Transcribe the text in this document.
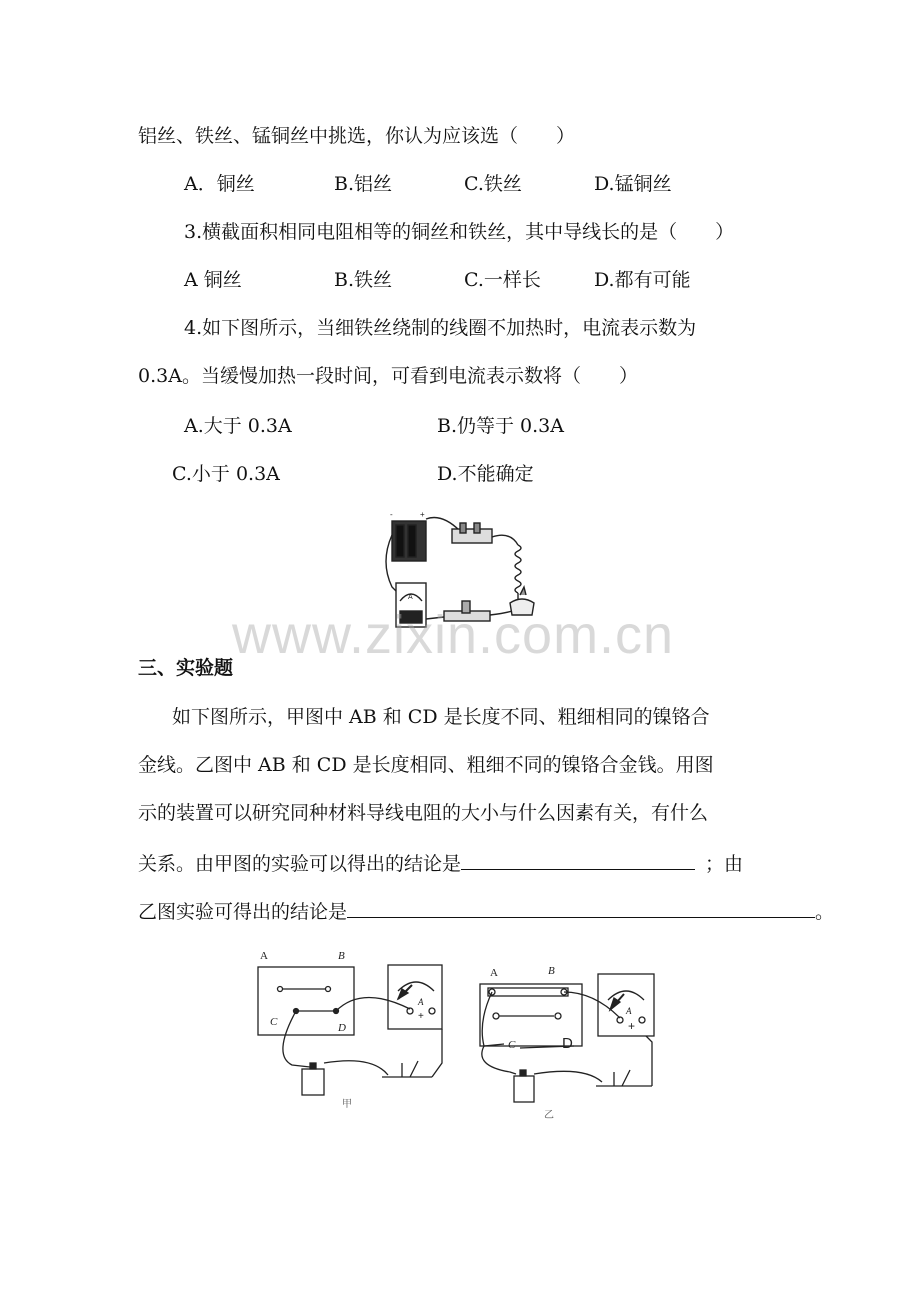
铝丝、铁丝、锰铜丝中挑选，你认为应该选（　　）
A．铜丝	B.铝丝	C.铁丝	D.锰铜丝
3.横截面积相同电阻相等的铜丝和铁丝，其中导线长的是（　　）
A 铜丝	B.铁丝	C.一样长	D.都有可能
4.如下图所示，当细铁丝绕制的线圈不加热时，电流表示数为
0.3A。当缓慢加热一段时间，可看到电流表示数将（　　）
A.大于 0.3A	B.仍等于 0.3A
C.小于 0.3A	D.不能确定
-	+
A
www.zixin.com.cn
三、实验题
如下图所示，甲图中 AB 和 CD 是长度不同、粗细相同的镍铬合
金线。乙图中 AB 和 CD 是长度相同、粗细不同的镍铬合金钱。用图
示的装置可以研究同种材料导线电阻的大小与什么因素有关，有什么
关系。由甲图的实验可以得出的结论是	；由
乙图实验可得出的结论是	。
A	B
C	D
A
+
甲
A	B
C	D
A
+
乙
